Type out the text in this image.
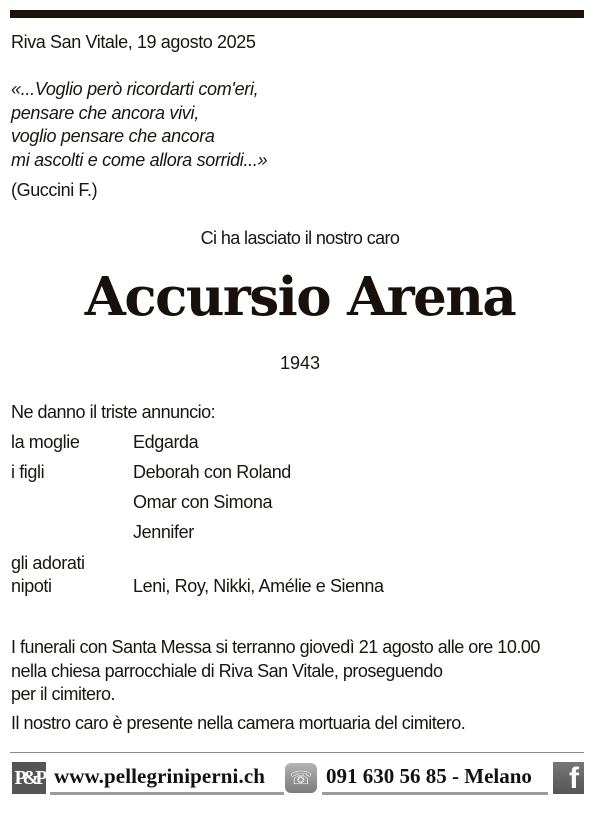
Riva San Vitale, 19 agosto 2025
«...Voglio però ricordarti com'eri,
pensare che ancora vivi,
voglio pensare che ancora
mi ascolti e come allora sorridi...»
(Guccini F.)
Ci ha lasciato il nostro caro
Accursio Arena
1943
Ne danno il triste annuncio:
la moglie	Edgarda
i figli	Deborah con Roland
Omar con Simona
Jennifer
gli adorati
nipoti	Leni, Roy, Nikki, Amélie e Sienna
I funerali con Santa Messa si terranno giovedì 21 agosto alle ore 10.00
nella chiesa parrocchiale di Riva San Vitale, proseguendo
per il cimitero.
Il nostro caro è presente nella camera mortuaria del cimitero.
P&P www.pellegriniperni.ch ☏ 091 630 56 85 - Melano	f
